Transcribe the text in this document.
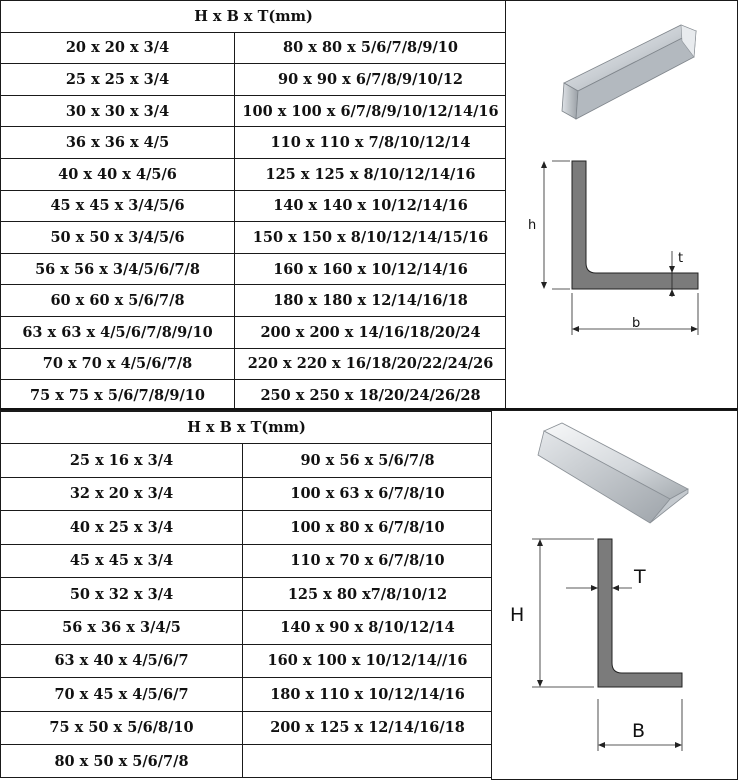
H x B x T(mm)	
20 x 20 x 3/4	80 x 80 x 5/6/7/8/9/10
25 x 25 x 3/4	90 x 90 x 6/7/8/9/10/12
30 x 30 x 3/4	100 x 100 x 6/7/8/9/10/12/14/16
36 x 36 x 4/5	110 x 110 x 7/8/10/12/14
40 x 40 x 4/5/6	125 x 125 x 8/10/12/14/16
45 x 45 x 3/4/5/6	140 x 140 x 10/12/14/16
50 x 50 x 3/4/5/6	150 x 150 x 8/10/12/14/15/16
56 x 56 x 3/4/5/6/7/8	160 x 160 x 10/12/14/16
60 x 60 x 5/6/7/8	180 x 180 x 12/14/16/18
63 x 63 x 4/5/6/7/8/9/10	200 x 200 x 14/16/18/20/24
70 x 70 x 4/5/6/7/8	220 x 220 x 16/18/20/22/24/26
75 x 75 x 5/6/7/8/9/10	250 x 250 x 18/20/24/26/28
h
t
b
H x B x T(mm)	
25 x 16 x 3/4	90 x 56 x 5/6/7/8
32 x 20 x 3/4	100 x 63 x 6/7/8/10
40 x 25 x 3/4	100 x 80 x 6/7/8/10
45 x 45 x 3/4	110 x 70 x 6/7/8/10
50 x 32 x 3/4	125 x 80 x7/8/10/12
56 x 36 x 3/4/5	140 x 90 x 8/10/12/14
63 x 40 x 4/5/6/7	160 x 100 x 10/12/14//16
70 x 45 x 4/5/6/7	180 x 110 x 10/12/14/16
75 x 50 x 5/6/8/10	200 x 125 x 12/14/16/18
80 x 50 x 5/6/7/8	
H
T
B
